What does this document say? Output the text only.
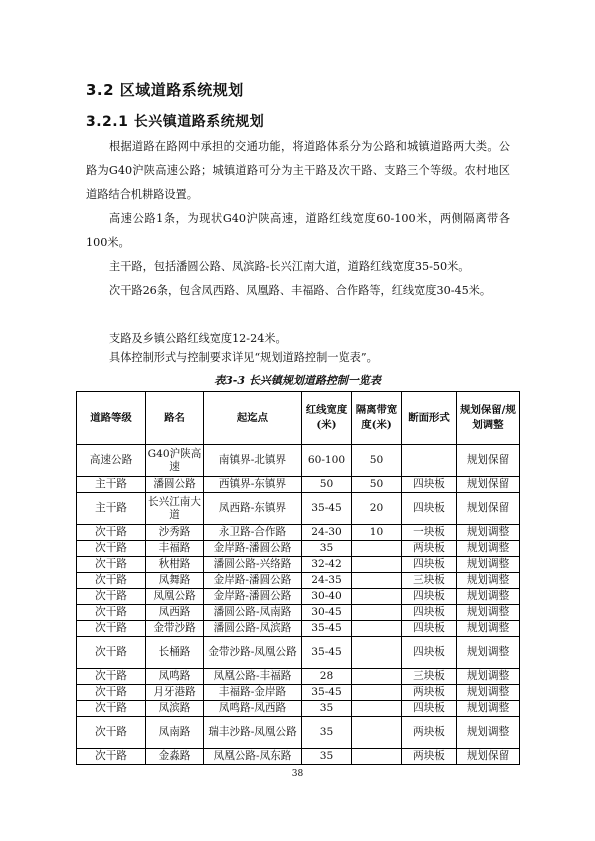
3.2 区域道路系统规划
3.2.1 长兴镇道路系统规划

根据道路在路网中承担的交通功能，将道路体系分为公路和城镇道路两大类。公路为G40沪陕高速公路；城镇道路可分为主干路及次干路、支路三个等级。农村地区道路结合机耕路设置。

高速公路1条，为现状G40沪陕高速，道路红线宽度60-100米，两侧隔离带各100米。

主干路，包括潘圆公路、凤滨路-长兴江南大道，道路红线宽度35-50米。

次干路26条，包含凤西路、凤凰路、丰福路、合作路等，红线宽度30-45米。

支路及乡镇公路红线宽度12-24米。

具体控制形式与控制要求详见“规划道路控制一览表”。

表3-3 长兴镇规划道路控制一览表
道路等级	路名	起迄点	红线宽度(米)	隔离带宽度(米)	断面形式	规划保留/规划调整
高速公路	G40沪陕高速	南镇界-北镇界	60-100	50		规划保留
主干路	潘圆公路	西镇界-东镇界	50	50	四块板	规划保留
主干路	长兴江南大道	凤西路-东镇界	35-45	20	四块板	规划保留
次干路	沙秀路	永卫路-合作路	24-30	10	一块板	规划调整
次干路	丰福路	金岸路-潘圆公路	35		两块板	规划调整
次干路	秋柑路	潘圆公路-兴络路	32-42		四块板	规划调整
次干路	凤舞路	金岸路-潘圆公路	24-35		三块板	规划调整
次干路	凤凰公路	金岸路-潘圆公路	30-40		四块板	规划调整
次干路	凤西路	潘圆公路-凤南路	30-45		四块板	规划调整
次干路	金带沙路	潘圆公路-凤滨路	35-45		四块板	规划调整
次干路	长桶路	金带沙路-凤凰公路	35-45		四块板	规划调整
次干路	凤鸣路	凤凰公路-丰福路	28		三块板	规划调整
次干路	月牙港路	丰福路-金岸路	35-45		两块板	规划调整
次干路	凤滨路	凤鸣路-凤西路	35		四块板	规划调整
次干路	凤南路	瑞丰沙路-凤凰公路	35		两块板	规划调整
次干路	金淼路	凤凰公路-凤东路	35		两块板	规划保留
38
